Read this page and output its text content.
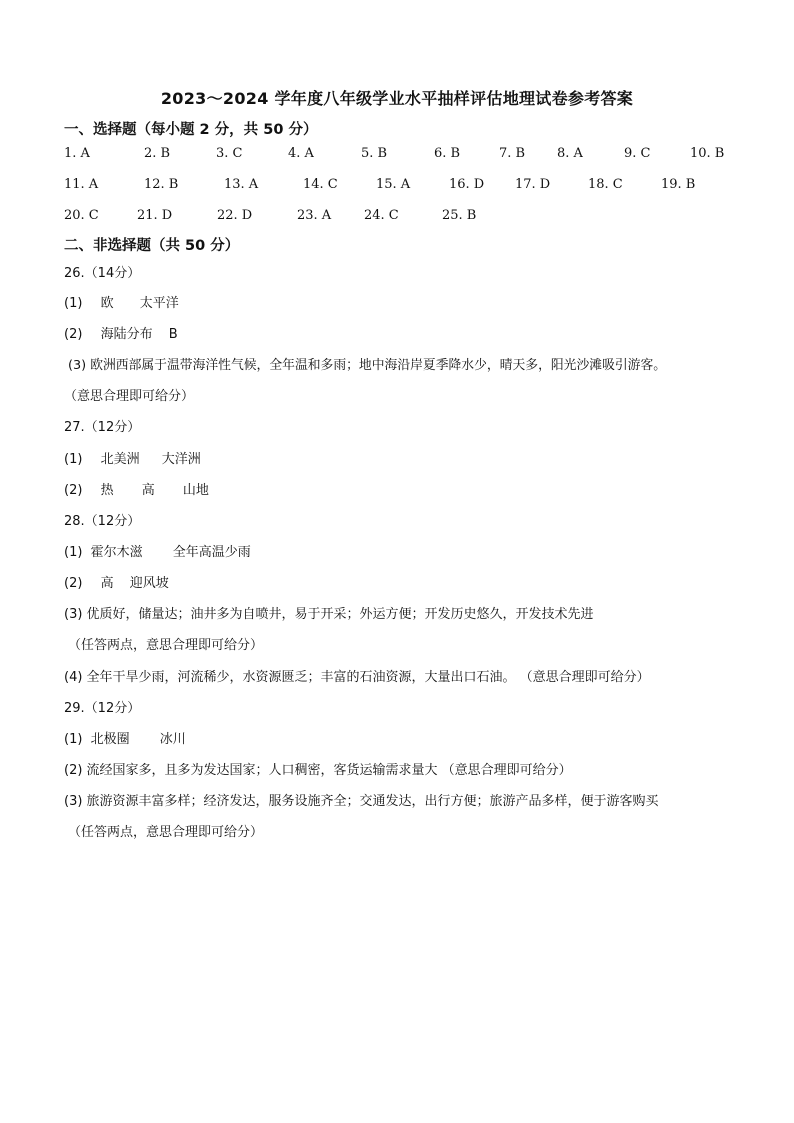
2023～2024 学年度八年级学业水平抽样评估地理试卷参考答案
一、选择题（每小题 2 分，共 50 分）
1. A	2. B	3. C	4. A	5. B	6. B	7. B 8. A	9. C	10. B
11. A	12. B	13. A	14. C	15. A	16. D 17. D	18. C	19. B
20. C	21. D	22. D	23. A	24. C	25. B
二、非选择题（共 50 分）
26.（14分）
(1) 欧 太平洋
(2) 海陆分布 B
(3) 欧洲西部属于温带海洋性气候，全年温和多雨；地中海沿岸夏季降水少，晴天多，阳光沙滩吸引游客。
（意思合理即可给分）
27.（12分）
(1) 北美洲 大洋洲
(2) 热 高 山地
28.（12分）
(1) 霍尔木滋 全年高温少雨
(2) 高 迎风坡
(3) 优质好，储量达；油井多为自喷井，易于开采；外运方便；开发历史悠久，开发技术先进
（任答两点，意思合理即可给分）
(4) 全年干旱少雨，河流稀少，水资源匮乏；丰富的石油资源，大量出口石油。 （意思合理即可给分）
29.（12分）
(1) 北极圈 冰川
(2) 流经国家多，且多为发达国家；人口稠密，客货运输需求量大 （意思合理即可给分）
(3) 旅游资源丰富多样；经济发达，服务设施齐全；交通发达，出行方便；旅游产品多样，便于游客购买
（任答两点，意思合理即可给分）
